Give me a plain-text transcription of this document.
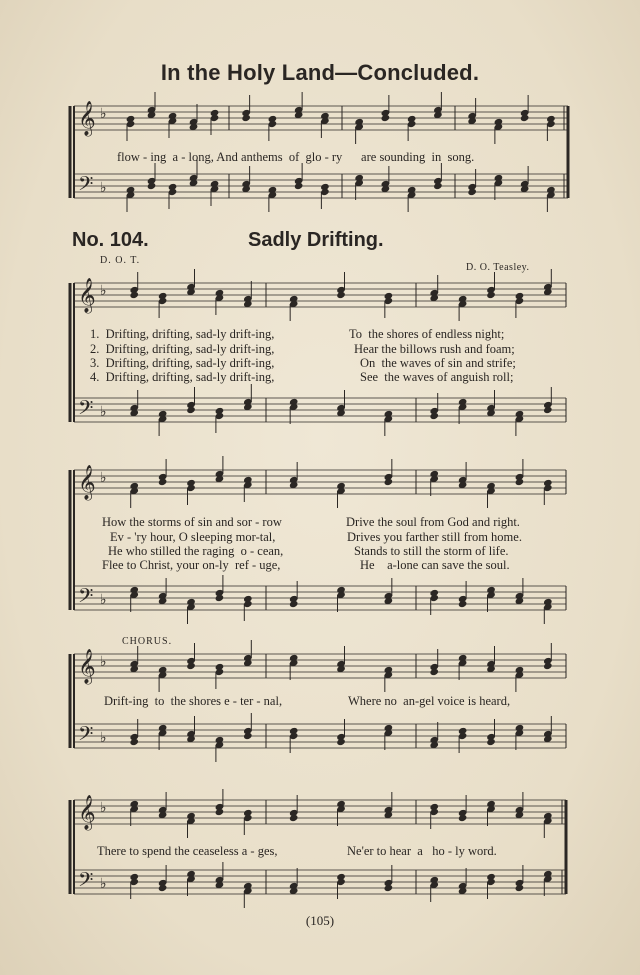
𝄞
𝄢
♭
♭
𝄞
𝄢
♭
♭
𝄞
𝄢
♭
♭
𝄞
𝄢
♭
♭
𝄞
𝄢
♭
♭
In the Holy Land—Concluded.
flow - ing  a - long, And anthems  of  glo - ry      are sounding  in  song.
No. 104.	Sadly Drifting.
D. O. T.
D. O. Teasley.
1.  Drifting, drifting, sad-ly drift-ing,
2.  Drifting, drifting, sad-ly drift-ing,
3.  Drifting, drifting, sad-ly drift-ing,
4.  Drifting, drifting, sad-ly drift-ing,
To  the shores of endless night;
Hear the billows rush and foam;
On  the waves of sin and strife;
See  the waves of anguish roll;
How the storms of sin and sor - row
Ev - 'ry hour, O sleeping mor-tal,
He who stilled the raging  o - cean,
Flee to Christ, your on-ly  ref - uge,
Drive the soul from God and right.
Drives you farther still from home.
Stands to still the storm of life.
He    a-lone can save the soul.
CHORUS.
Drift-ing  to  the shores e - ter - nal,	Where no  an-gel voice is heard,
There to spend the ceaseless a - ges,	Ne'er to hear  a   ho - ly word.
(105)
